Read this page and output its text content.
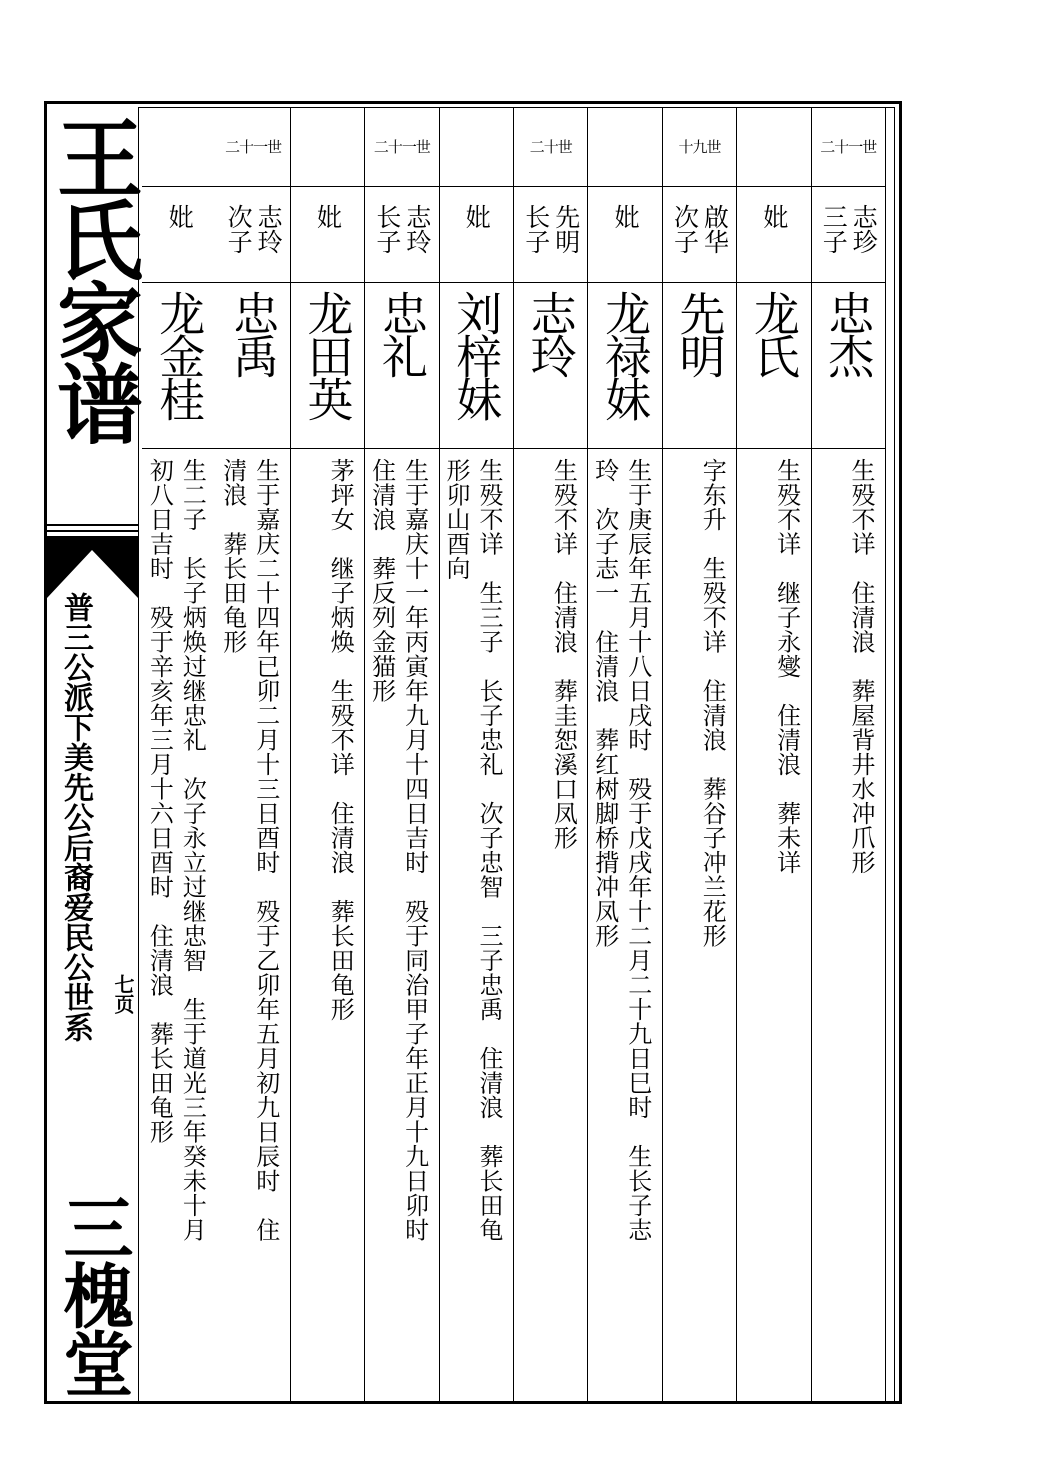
王氏家谱
普三公派下美先公后裔爱民公世系 七页
三槐堂
二十一世
志珍
三子
忠杰
生殁不详　住清浪　葬屋背井水冲爪形
妣
龙氏
生殁不详　继子永燮　住清浪　葬未详
十九世
啟华
次子
先明
字东升　生殁不详　住清浪　葬谷子冲兰花形
妣
龙禄妹
生于庚辰年五月十八日戌时　殁于戊戌年十二月二十九日巳时　生长子志
玲　次子志一　住清浪　葬红树脚桥揹冲凤形
二十世
先明
长子
志玲
生殁不详　住清浪　葬圭恕溪口凤形
妣
刘梓妹
生殁不详　生三子　长子忠礼　次子忠智　三子忠禹　住清浪　葬长田龟
形卯山酉向
二十一世
志玲
长子
忠礼
生于嘉庆十一年丙寅年九月十四日吉时　殁于同治甲子年正月十九日卯时
住清浪　葬反列金猫形
妣
龙田英
茅坪女　继子炳焕　生殁不详　住清浪　葬长田龟形
二十一世
志玲
次子
忠禹
生于嘉庆二十四年已卯二月十三日酉时　殁于乙卯年五月初九日辰时　住
清浪　葬长田龟形
妣
龙金桂
生二子　长子炳焕过继忠礼　次子永立过继忠智　生于道光三年癸未十月
初八日吉时　殁于辛亥年三月十六日酉时　住清浪　葬长田龟形
